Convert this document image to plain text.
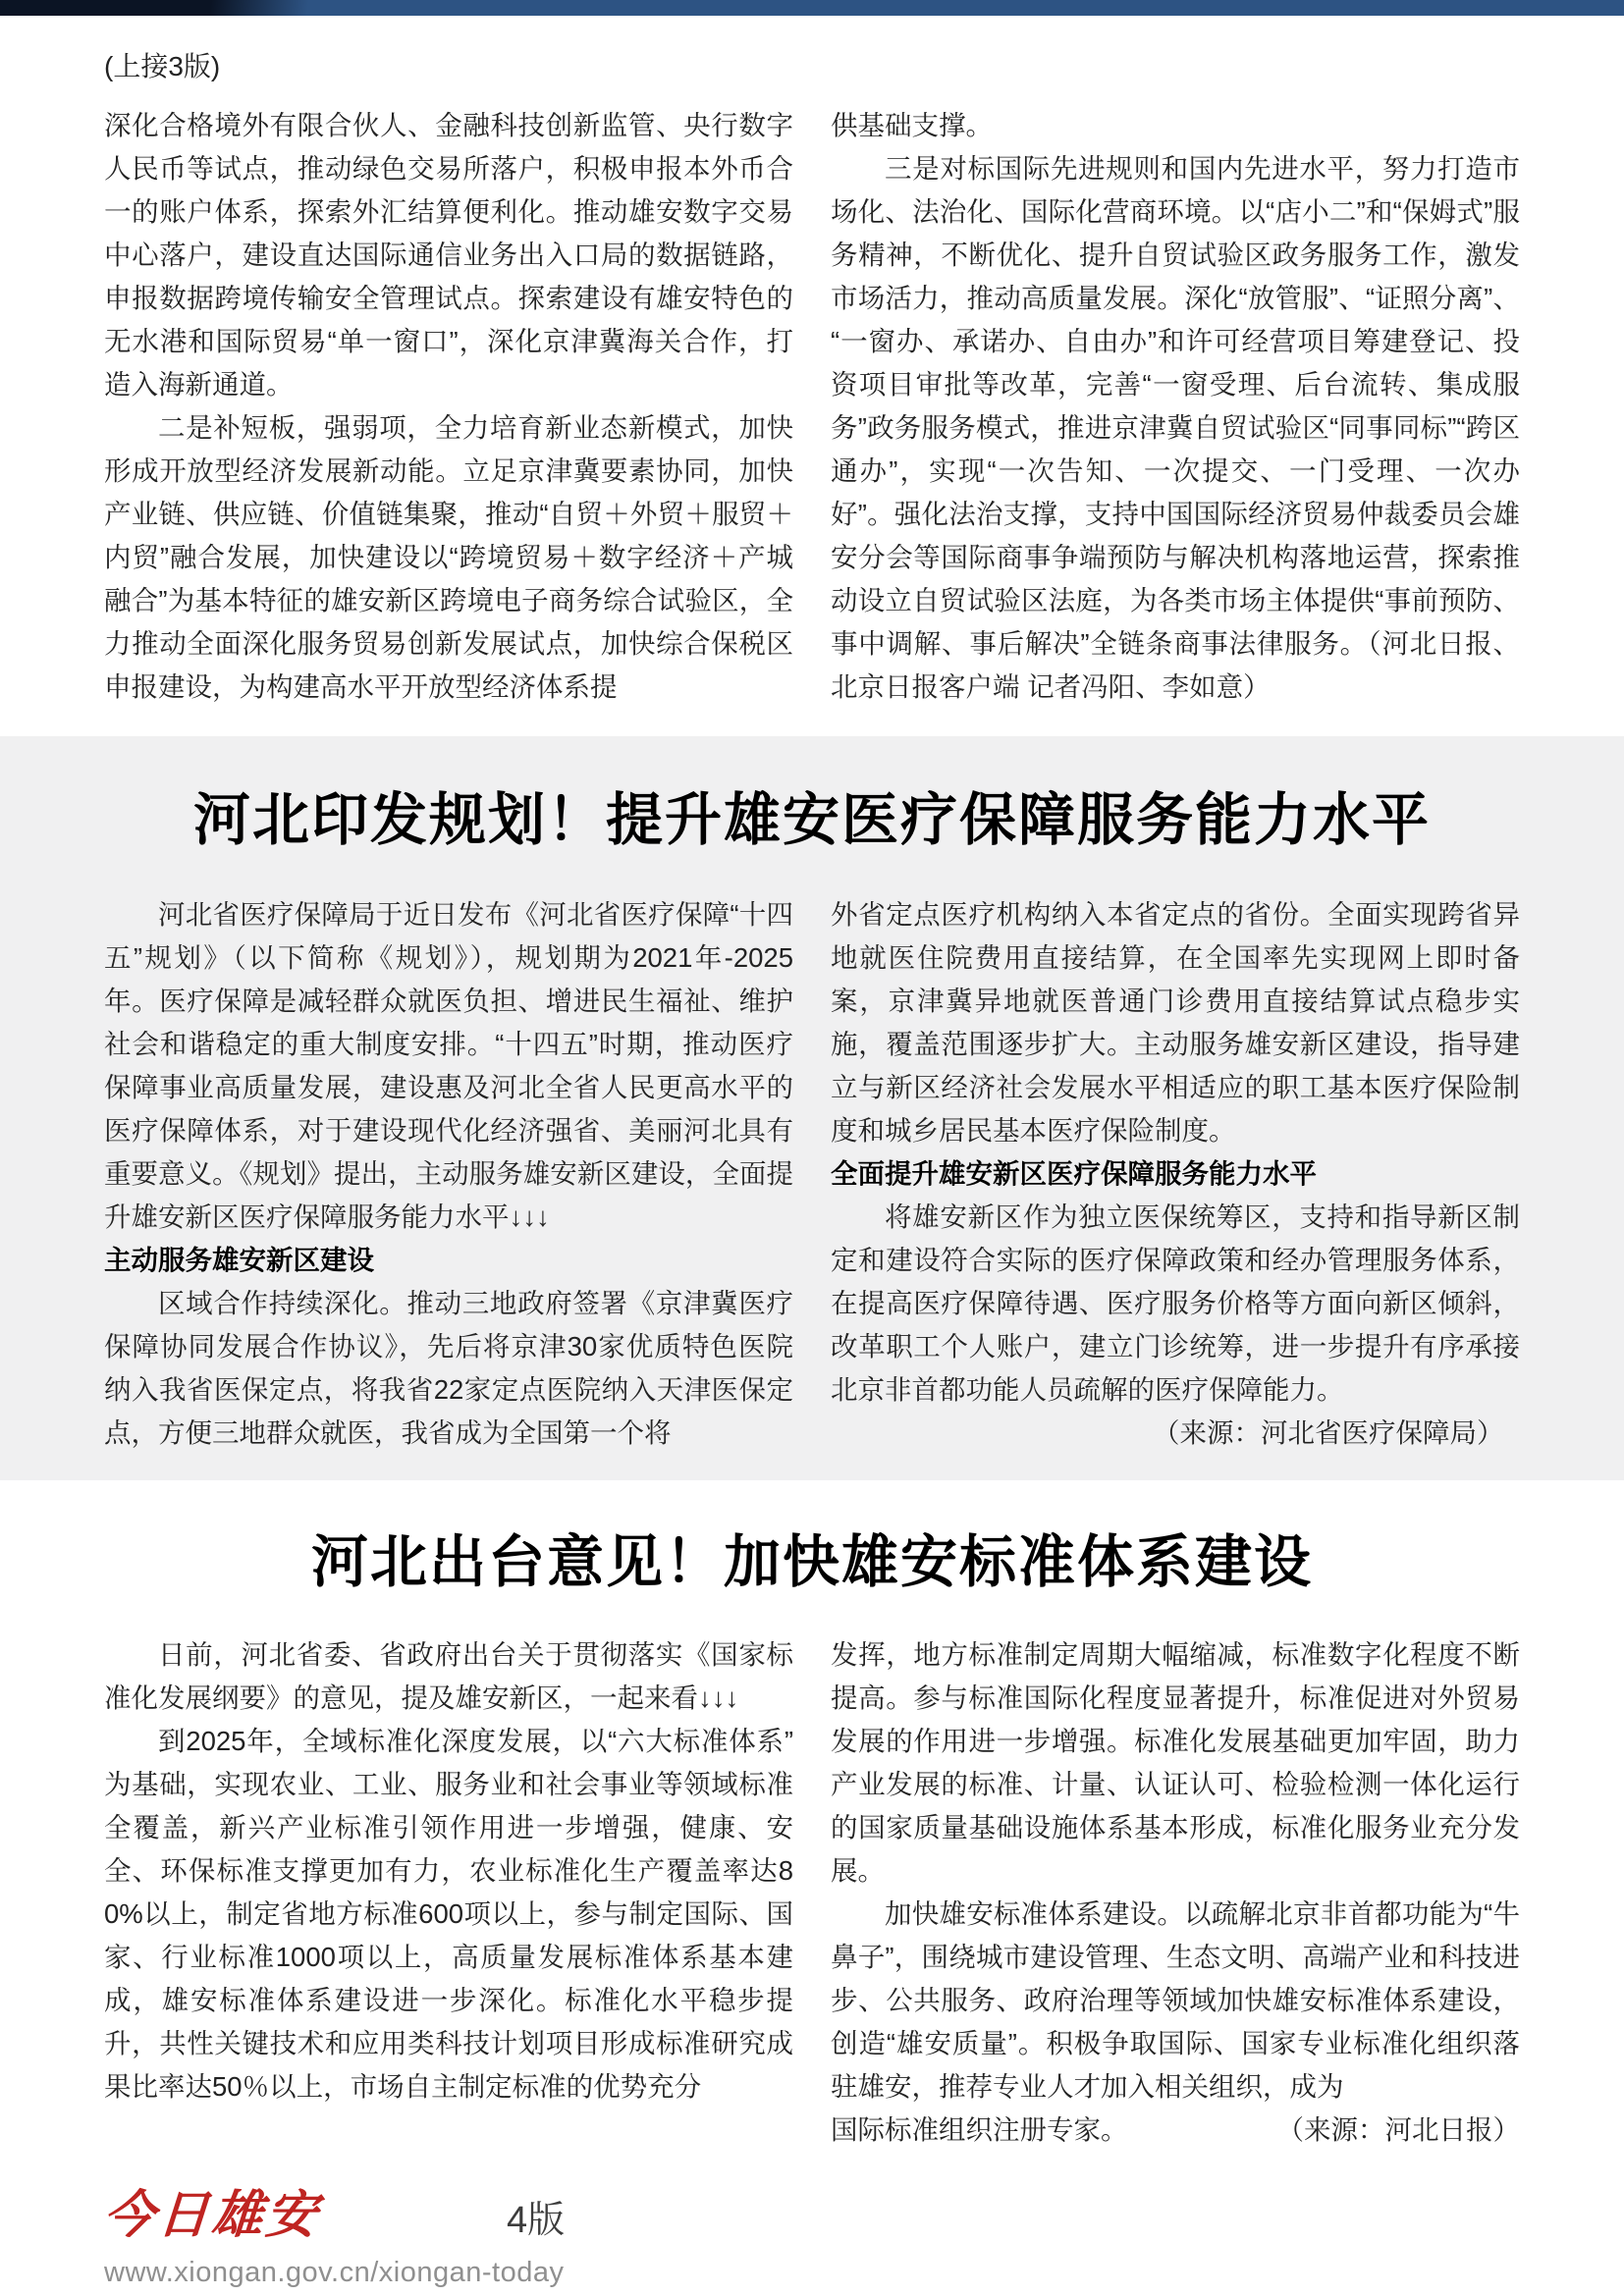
(上接3版)

深化合格境外有限合伙人、金融科技创新监管、央行数字人民币等试点，推动绿色交易所落户，积极申报本外币合一的账户体系，探索外汇结算便利化。推动雄安数字交易中心落户，建设直达国际通信业务出入口局的数据链路，申报数据跨境传输安全管理试点。探索建设有雄安特色的无水港和国际贸易“单一窗口”，深化京津冀海关合作，打造入海新通道。

二是补短板，强弱项，全力培育新业态新模式，加快形成开放型经济发展新动能。立足京津冀要素协同，加快产业链、供应链、价值链集聚，推动“自贸＋外贸＋服贸＋内贸”融合发展，加快建设以“跨境贸易＋数字经济＋产城融合”为基本特征的雄安新区跨境电子商务综合试验区，全力推动全面深化服务贸易创新发展试点，加快综合保税区申报建设，为构建高水平开放型经济体系提

供基础支撑。

三是对标国际先进规则和国内先进水平，努力打造市场化、法治化、国际化营商环境。以“店小二”和“保姆式”服务精神，不断优化、提升自贸试验区政务服务工作，激发市场活力，推动高质量发展。深化“放管服”、“证照分离”、“一窗办、承诺办、自由办”和许可经营项目筹建登记、投资项目审批等改革，完善“一窗受理、后台流转、集成服务”政务服务模式，推进京津冀自贸试验区“同事同标”“跨区通办”，实现“一次告知、一次提交、一门受理、一次办好”。强化法治支撑，支持中国国际经济贸易仲裁委员会雄安分会等国际商事争端预防与解决机构落地运营，探索推动设立自贸试验区法庭，为各类市场主体提供“事前预防、事中调解、事后解决”全链条商事法律服务。（河北日报、北京日报客户端 记者冯阳、李如意）

河北印发规划！提升雄安医疗保障服务能力水平

河北省医疗保障局于近日发布《河北省医疗保障“十四五”规划》（以下简称《规划》），规划期为2021年-2025年。医疗保障是减轻群众就医负担、增进民生福祉、维护社会和谐稳定的重大制度安排。“十四五”时期，推动医疗保障事业高质量发展，建设惠及河北全省人民更高水平的医疗保障体系，对于建设现代化经济强省、美丽河北具有重要意义。《规划》提出，主动服务雄安新区建设，全面提升雄安新区医疗保障服务能力水平↓↓↓

主动服务雄安新区建设

区域合作持续深化。推动三地政府签署《京津冀医疗保障协同发展合作协议》，先后将京津30家优质特色医院纳入我省医保定点，将我省22家定点医院纳入天津医保定点，方便三地群众就医，我省成为全国第一个将

外省定点医疗机构纳入本省定点的省份。全面实现跨省异地就医住院费用直接结算，在全国率先实现网上即时备案，京津冀异地就医普通门诊费用直接结算试点稳步实施，覆盖范围逐步扩大。主动服务雄安新区建设，指导建立与新区经济社会发展水平相适应的职工基本医疗保险制度和城乡居民基本医疗保险制度。

全面提升雄安新区医疗保障服务能力水平

将雄安新区作为独立医保统筹区，支持和指导新区制定和建设符合实际的医疗保障政策和经办管理服务体系，在提高医疗保障待遇、医疗服务价格等方面向新区倾斜，改革职工个人账户，建立门诊统筹，进一步提升有序承接北京非首都功能人员疏解的医疗保障能力。

（来源：河北省医疗保障局）

河北出台意见！加快雄安标准体系建设

日前，河北省委、省政府出台关于贯彻落实《国家标准化发展纲要》的意见，提及雄安新区，一起来看↓↓↓

到2025年，全域标准化深度发展，以“六大标准体系”为基础，实现农业、工业、服务业和社会事业等领域标准全覆盖，新兴产业标准引领作用进一步增强，健康、安全、环保标准支撑更加有力，农业标准化生产覆盖率达80%以上，制定省地方标准600项以上，参与制定国际、国家、行业标准1000项以上，高质量发展标准体系基本建成，雄安标准体系建设进一步深化。标准化水平稳步提升，共性关键技术和应用类科技计划项目形成标准研究成果比率达50％以上，市场自主制定标准的优势充分

发挥，地方标准制定周期大幅缩减，标准数字化程度不断提高。参与标准国际化程度显著提升，标准促进对外贸易发展的作用进一步增强。标准化发展基础更加牢固，助力产业发展的标准、计量、认证认可、检验检测一体化运行的国家质量基础设施体系基本形成，标准化服务业充分发展。

加快雄安标准体系建设。以疏解北京非首都功能为“牛鼻子”，围绕城市建设管理、生态文明、高端产业和科技进步、公共服务、政府治理等领域加快雄安标准体系建设，创造“雄安质量”。积极争取国际、国家专业标准化组织落驻雄安，推荐专业人才加入相关组织，成为

国际标准组织注册专家。	（来源：河北日报）

今日雄安	4版
www.xiongan.gov.cn/xiongan-today
